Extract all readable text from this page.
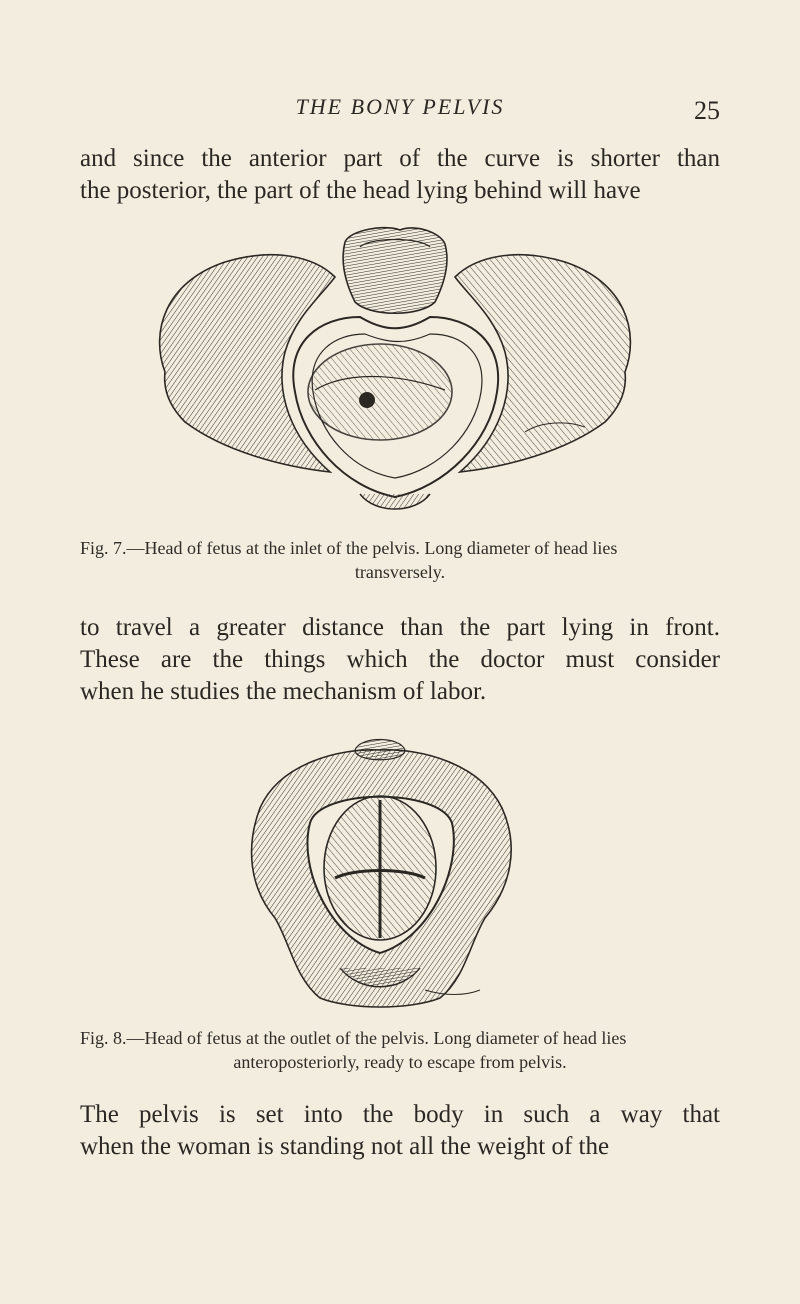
THE BONY PELVIS	25

and since the anterior part of the curve is shorter than
the posterior, the part of the head lying behind will have

Fig. 7.—Head of fetus at the inlet of the pelvis. Long diameter of head lies
transversely.

to travel a greater distance than the part lying in front.
These are the things which the doctor must consider
when he studies the mechanism of labor.

Fig. 8.—Head of fetus at the outlet of the pelvis. Long diameter of head lies
anteroposteriorly, ready to escape from pelvis.

The pelvis is set into the body in such a way that
when the woman is standing not all the weight of the
